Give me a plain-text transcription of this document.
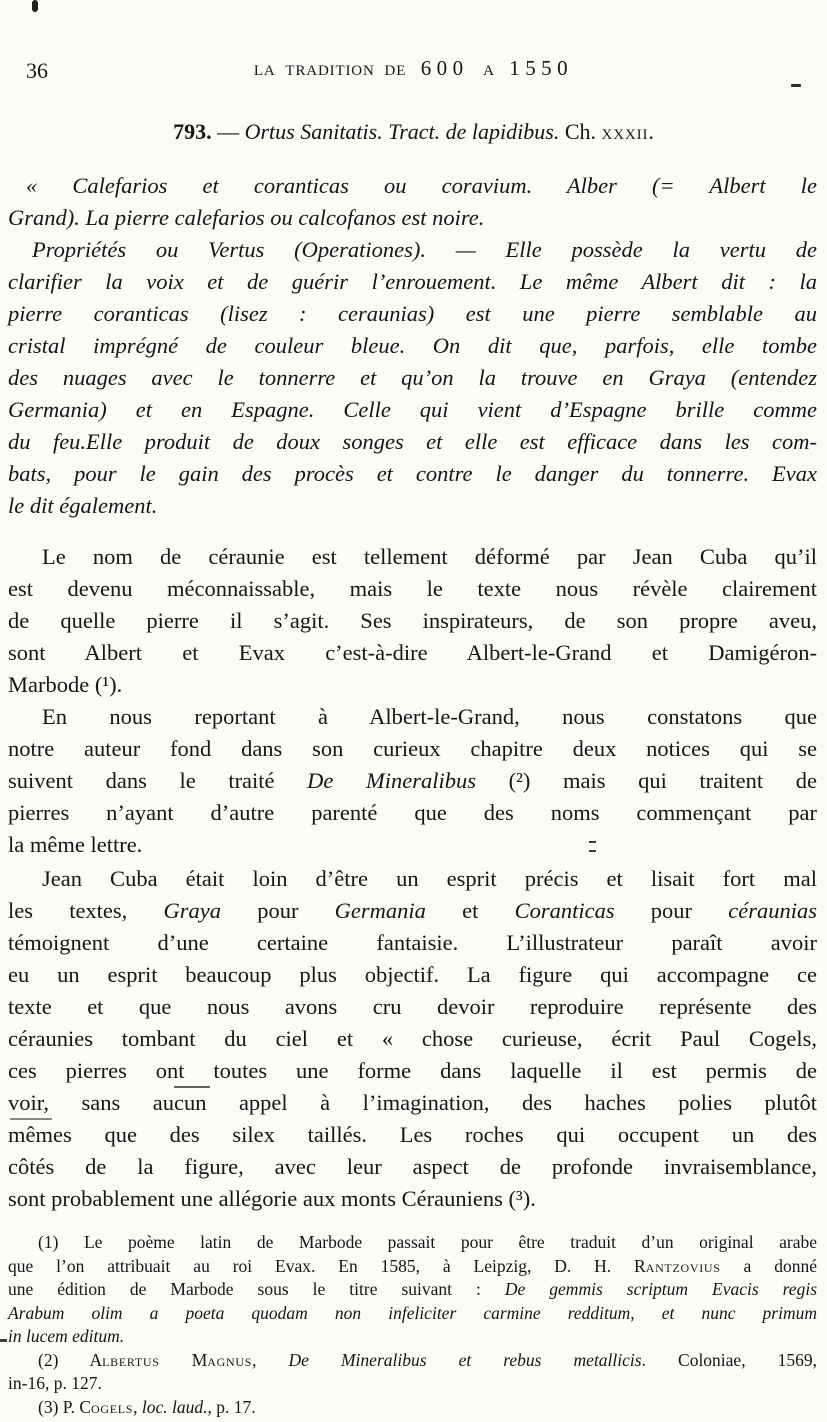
la tradition de 600 a 1550
36
793. — Ortus Sanitatis. Tract. de lapidibus. Ch. xxxii.
« Calefarios et coranticas ou coravium. Alber (= Albert le
Grand). La pierre calefarios ou calcofanos est noire.
Propriétés ou Vertus (Operationes). — Elle possède la vertu de
clarifier la voix et de guérir l’enrouement. Le même Albert dit : la
pierre coranticas (lisez : ceraunias) est une pierre semblable au
cristal imprégné de couleur bleue. On dit que, parfois, elle tombe
des nuages avec le tonnerre et qu’on la trouve en Graya (entendez
Germania) et en Espagne. Celle qui vient d’Espagne brille comme
du feu.Elle produit de doux songes et elle est efficace dans les com-
bats, pour le gain des procès et contre le danger du tonnerre. Evax
le dit également.
Le nom de céraunie est tellement déformé par Jean Cuba qu’il
est devenu méconnaissable, mais le texte nous révèle clairement
de quelle pierre il s’agit. Ses inspirateurs, de son propre aveu,
sont Albert et Evax c’est-à-dire Albert-le-Grand et Damigéron-
Marbode (¹).
En nous reportant à Albert-le-Grand, nous constatons que
notre auteur fond dans son curieux chapitre deux notices qui se
suivent dans le traité De Mineralibus (²) mais qui traitent de
pierres n’ayant d’autre parenté que des noms commençant par
la même lettre.
Jean Cuba était loin d’être un esprit précis et lisait fort mal
les textes, Graya pour Germania et Coranticas pour céraunias
témoignent d’une certaine fantaisie. L’illustrateur paraît avoir
eu un esprit beaucoup plus objectif. La figure qui accompagne ce
texte et que nous avons cru devoir reproduire représente des
céraunies tombant du ciel et « chose curieuse, écrit Paul Cogels,
ces pierres ont toutes une forme dans laquelle il est permis de
voir, sans aucun appel à l’imagination, des haches polies plutôt
mêmes que des silex taillés. Les roches qui occupent un des
côtés de la figure, avec leur aspect de profonde invraisemblance,
sont probablement une allégorie aux monts Cérauniens (³).
(1) Le poème latin de Marbode passait pour être traduit d’un original arabe
que l’on attribuait au roi Evax. En 1585, à Leipzig, D. H. Rantzovius a donné
une édition de Marbode sous le titre suivant : De gemmis scriptum Evacis regis
Arabum olim a poeta quodam non infeliciter carmine redditum, et nunc primum
in lucem editum.
(2) Albertus Magnus, De Mineralibus et rebus metallicis. Coloniae, 1569,
in-16, p. 127.
(3) P. Cogels, loc. laud., p. 17.
